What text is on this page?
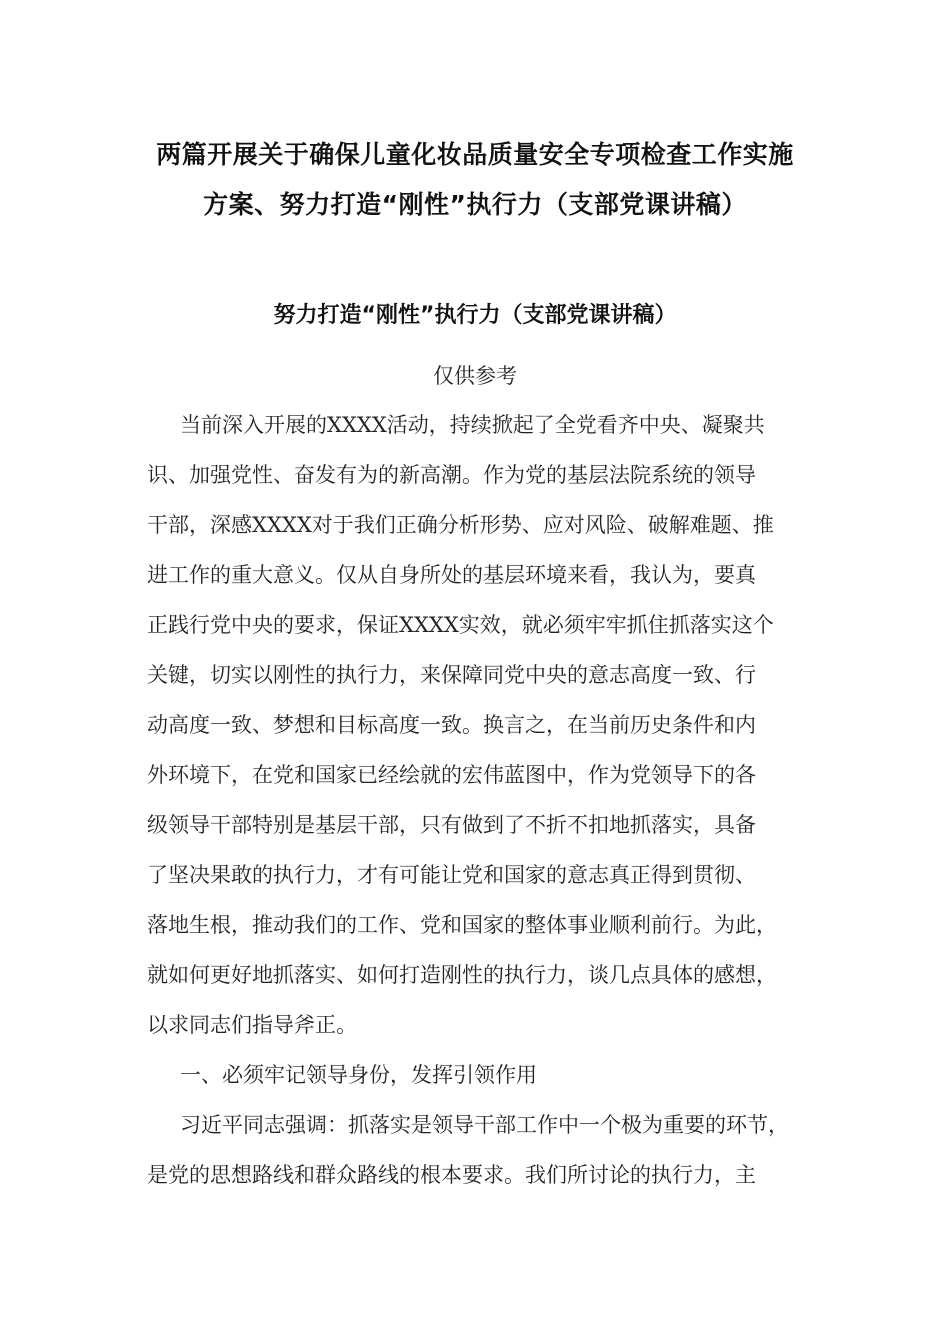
两篇开展关于确保儿童化妆品质量安全专项检查工作实施
方案、努力打造“刚性”执行力（支部党课讲稿）
努力打造“刚性”执行力（支部党课讲稿）
仅供参考
当前深入开展的XXXX活动，持续掀起了全党看齐中央、凝聚共
识、加强党性、奋发有为的新高潮。作为党的基层法院系统的领导
干部，深感XXXX对于我们正确分析形势、应对风险、破解难题、推
进工作的重大意义。仅从自身所处的基层环境来看，我认为，要真
正践行党中央的要求，保证XXXX实效，就必须牢牢抓住抓落实这个
关键，切实以刚性的执行力，来保障同党中央的意志高度一致、行
动高度一致、梦想和目标高度一致。换言之，在当前历史条件和内
外环境下，在党和国家已经绘就的宏伟蓝图中，作为党领导下的各
级领导干部特别是基层干部，只有做到了不折不扣地抓落实，具备
了坚决果敢的执行力，才有可能让党和国家的意志真正得到贯彻、
落地生根，推动我们的工作、党和国家的整体事业顺利前行。为此，
就如何更好地抓落实、如何打造刚性的执行力，谈几点具体的感想，
以求同志们指导斧正。
一、必须牢记领导身份，发挥引领作用
习近平同志强调：抓落实是领导干部工作中一个极为重要的环节，
是党的思想路线和群众路线的根本要求。我们所讨论的执行力，主
